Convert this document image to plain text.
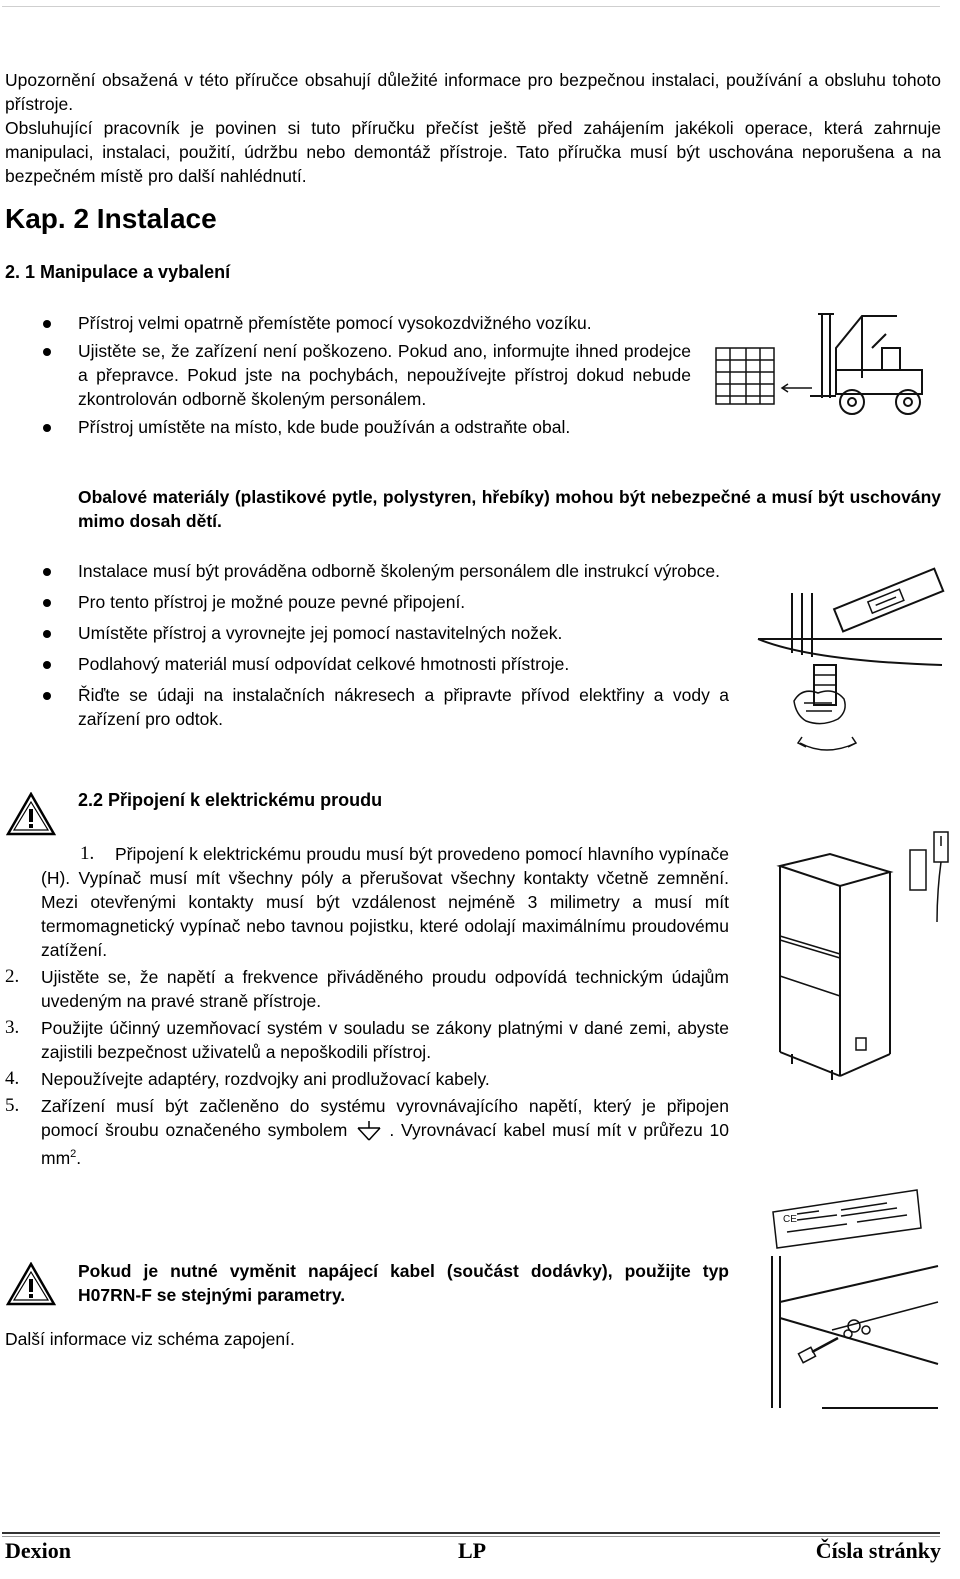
Upozornění obsažená v této příručce obsahují důležité informace pro bezpečnou instalaci, používání a obsluhu tohoto přístroje.

Obsluhující pracovník je povinen si tuto příručku přečíst ještě před zahájením jakékoli operace, která zahrnuje manipulaci, instalaci, použití, údržbu nebo demontáž přístroje. Tato příručka musí být uschována neporušena a na bezpečném místě pro další nahlédnutí.

Kap. 2 Instalace
2. 1 Manipulace a vybalení
Přístroj velmi opatrně přemístěte pomocí vysokozdvižného vozíku.
Ujistěte se, že zařízení není poškozeno. Pokud ano, informujte ihned prodejce a přepravce. Pokud jste na pochybách, nepoužívejte přístroj dokud nebude zkontrolován odborně školeným personálem.
Přístroj umístěte na místo, kde bude používán a odstraňte obal.
Obalové materiály (plastikové pytle, polystyren, hřebíky) mohou být nebezpečné a musí být uschovány mimo dosah dětí.
Instalace musí být prováděna odborně školeným personálem dle instrukcí výrobce.
Pro tento přístroj je možné pouze pevné připojení.
Umístěte přístroj a vyrovnejte jej pomocí nastavitelných nožek.
Podlahový materiál musí odpovídat celkové hmotnosti přístroje.
Řiďte se údaji na instalačních nákresech a připravte přívod elektřiny a vody a zařízení pro odtok.
2.2 Připojení k elektrickému proudu
1.	Připojení k elektrickému proudu musí být provedeno pomocí hlavního vypínače (H). Vypínač musí mít všechny póly a přerušovat všechny kontakty včetně zemnění. Mezi otevřenými kontakty musí být vzdálenost nejméně 3 milimetry a musí mít termomagnetický vypínač nebo tavnou pojistku, které odolají maximálnímu proudovému zatížení.
2. Ujistěte se, že napětí a frekvence přiváděného proudu odpovídá technickým údajům uvedeným na pravé straně přístroje.
3. Použijte účinný uzemňovací systém v souladu se zákony platnými v dané zemi, abyste zajistili bezpečnost uživatelů a nepoškodili přístroj.
4. Nepoužívejte adaptéry, rozdvojky ani prodlužovací kabely.
5. Zařízení musí být začleněno do systému vyrovnávajícího napětí, který je připojen pomocí šroubu označeného symbolem . Vyrovnávací kabel musí mít v průřezu 10 $mm^2$.
Pokud je nutné vyměnit napájecí kabel (součást dodávky), použijte typ H07RN-F se stejnými parametry.
Další informace viz schéma zapojení.
CE
Dexion	LP	Čísla stránky
